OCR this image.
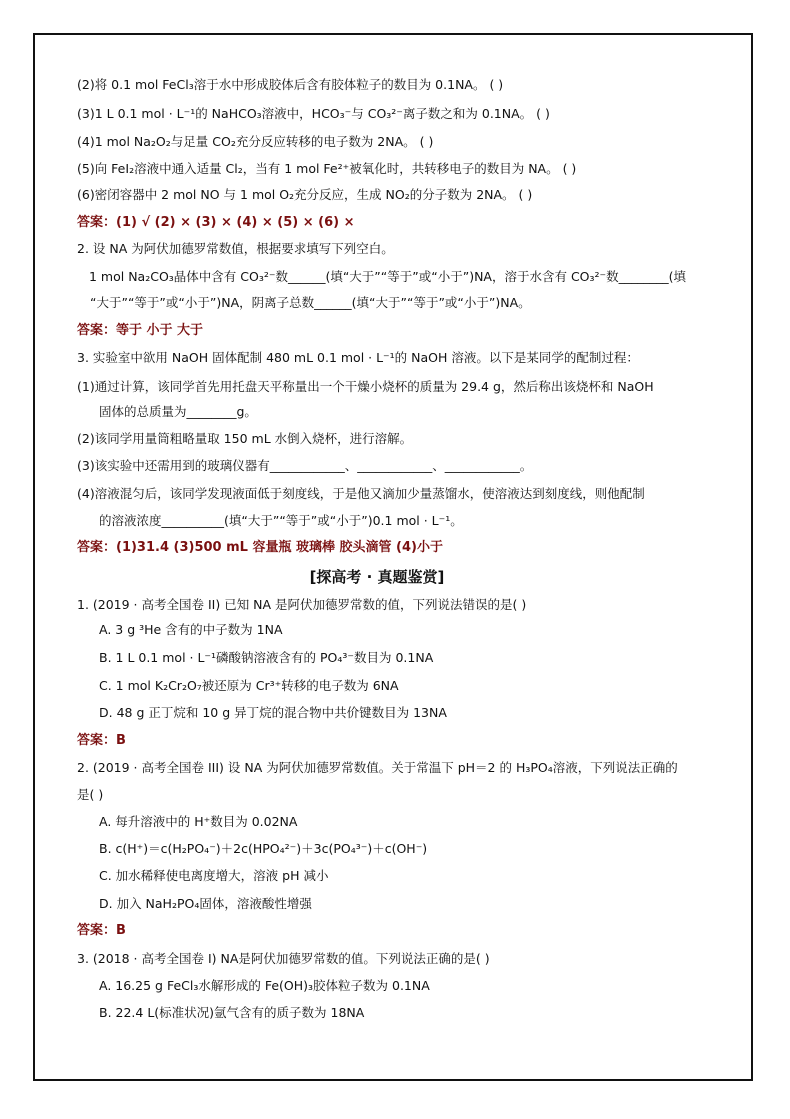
(2)将 0.1 mol FeCl₃溶于水中形成胶体后含有胶体粒子的数目为 0.1NA。 ( )
(3)1 L 0.1 mol · L⁻¹的 NaHCO₃溶液中，HCO₃⁻与 CO₃²⁻离子数之和为 0.1NA。 ( )
(4)1 mol Na₂O₂与足量 CO₂充分反应转移的电子数为 2NA。 ( )
(5)向 FeI₂溶液中通入适量 Cl₂，当有 1 mol Fe²⁺被氧化时，共转移电子的数目为 NA。 ( )
(6)密闭容器中 2 mol NO 与 1 mol O₂充分反应，生成 NO₂的分子数为 2NA。 ( )
答案：(1) √ (2) × (3) × (4) × (5) × (6) ×
2. 设 NA 为阿伏加德罗常数值，根据要求填写下列空白。
1 mol Na₂CO₃晶体中含有 CO₃²⁻数______(填“大于”“等于”或“小于”)NA，溶于水含有 CO₃²⁻数________(填
“大于”“等于”或“小于”)NA，阴离子总数______(填“大于”“等于”或“小于”)NA。
答案：等于 小于 大于
3. 实验室中欲用 NaOH 固体配制 480 mL 0.1 mol · L⁻¹的 NaOH 溶液。以下是某同学的配制过程：
(1)通过计算，该同学首先用托盘天平称量出一个干燥小烧杯的质量为 29.4 g，然后称出该烧杯和 NaOH
固体的总质量为________g。
(2)该同学用量筒粗略量取 150 mL 水倒入烧杯，进行溶解。
(3)该实验中还需用到的玻璃仪器有____________、____________、____________。
(4)溶液混匀后，该同学发现液面低于刻度线，于是他又滴加少量蒸馏水，使溶液达到刻度线，则他配制
的溶液浓度__________(填“大于”“等于”或“小于”)0.1 mol · L⁻¹。
答案：(1)31.4 (3)500 mL 容量瓶 玻璃棒 胶头滴管 (4)小于
[探高考 · 真题鉴赏]
1. (2019 · 高考全国卷 II) 已知 NA 是阿伏加德罗常数的值，下列说法错误的是( )
A. 3 g ³He 含有的中子数为 1NA
B. 1 L 0.1 mol · L⁻¹磷酸钠溶液含有的 PO₄³⁻数目为 0.1NA
C. 1 mol K₂Cr₂O₇被还原为 Cr³⁺转移的电子数为 6NA
D. 48 g 正丁烷和 10 g 异丁烷的混合物中共价键数目为 13NA
答案：B
2. (2019 · 高考全国卷 III) 设 NA 为阿伏加德罗常数值。关于常温下 pH＝2 的 H₃PO₄溶液，下列说法正确的
是( )
A. 每升溶液中的 H⁺数目为 0.02NA
B. c(H⁺)＝c(H₂PO₄⁻)＋2c(HPO₄²⁻)＋3c(PO₄³⁻)＋c(OH⁻)
C. 加水稀释使电离度增大，溶液 pH 减小
D. 加入 NaH₂PO₄固体，溶液酸性增强
答案：B
3. (2018 · 高考全国卷 I) NA是阿伏加德罗常数的值。下列说法正确的是( )
A. 16.25 g FeCl₃水解形成的 Fe(OH)₃胶体粒子数为 0.1NA
B. 22.4 L(标准状况)氩气含有的质子数为 18NA
